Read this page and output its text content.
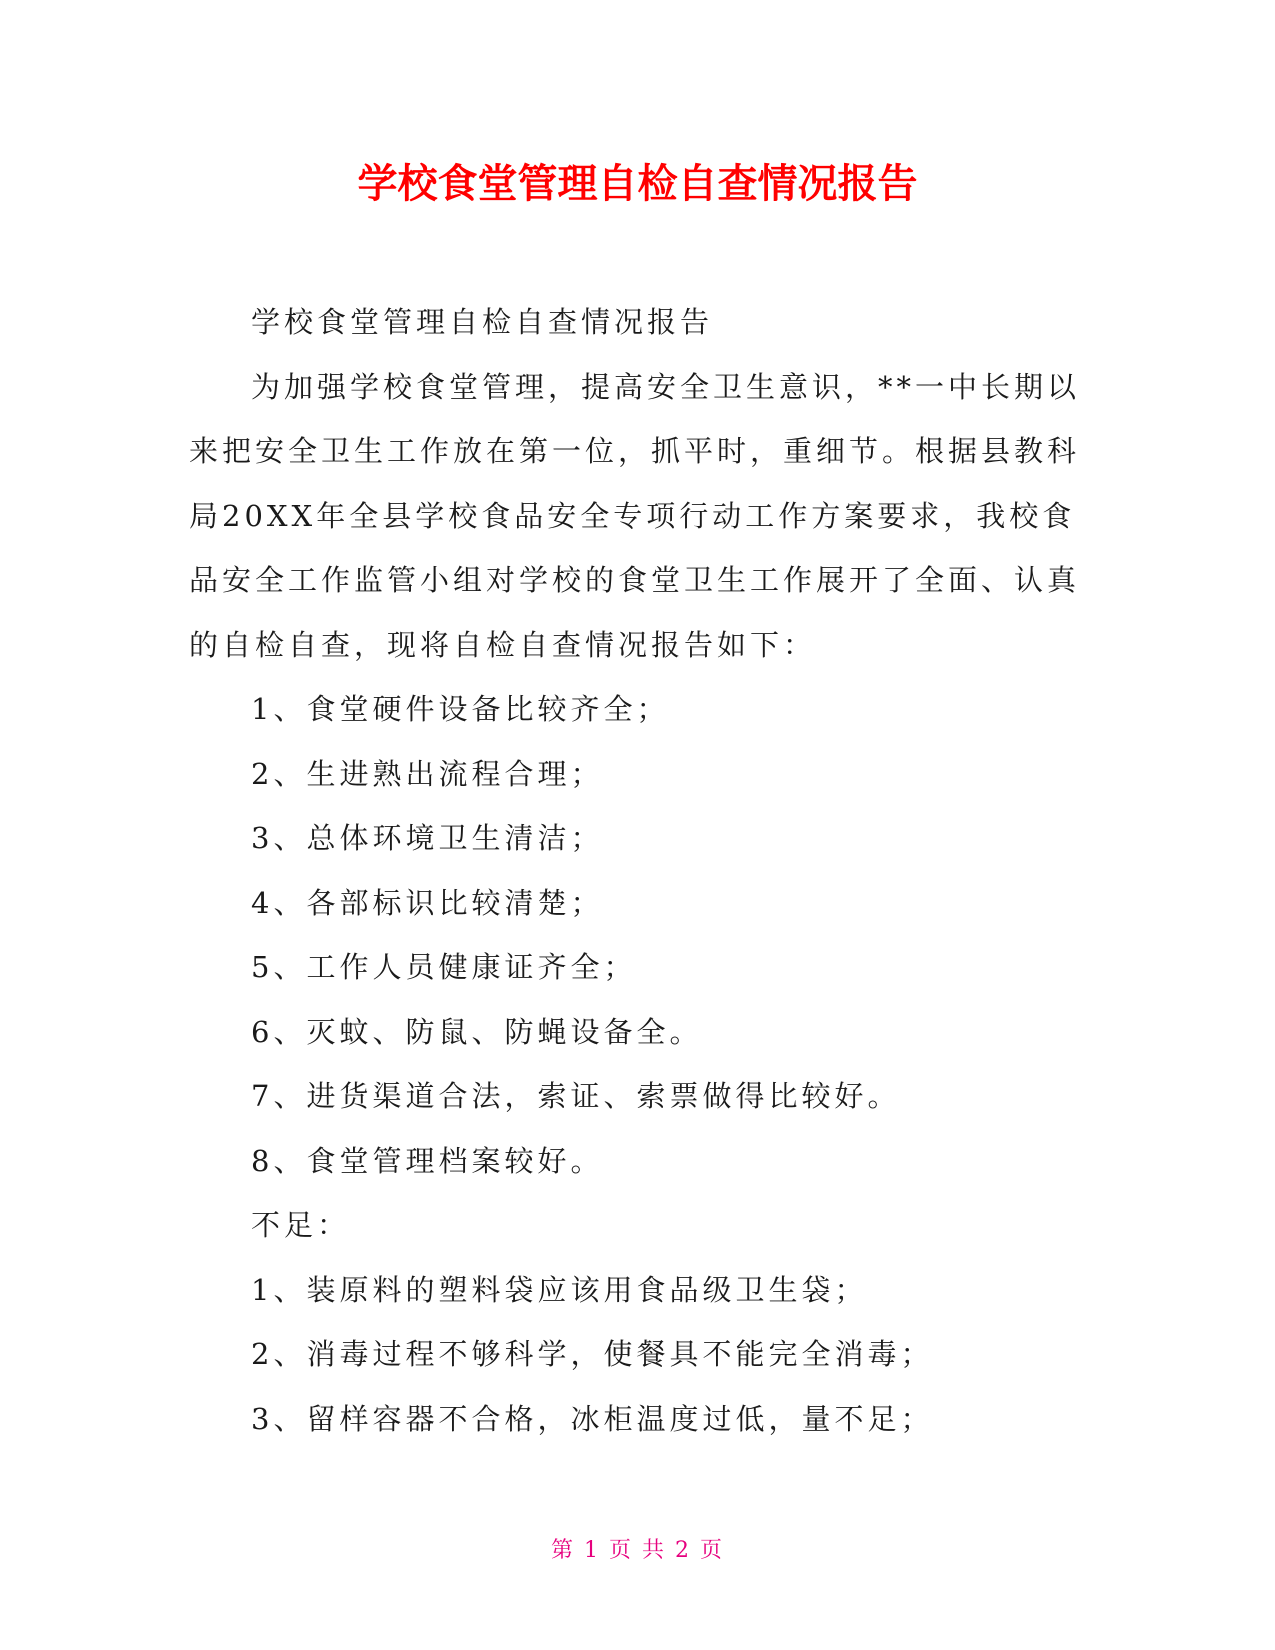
学校食堂管理自检自查情况报告

学校食堂管理自检自查情况报告

为加强学校食堂管理，提高安全卫生意识，**一中长期以来把安全卫生工作放在第一位，抓平时，重细节。根据县教科局20XX年全县学校食品安全专项行动工作方案要求，我校食品安全工作监管小组对学校的食堂卫生工作展开了全面、认真的自检自查，现将自检自查情况报告如下：

1、食堂硬件设备比较齐全；

2、生进熟出流程合理；

3、总体环境卫生清洁；

4、各部标识比较清楚；

5、工作人员健康证齐全；

6、灭蚊、防鼠、防蝇设备全。

7、进货渠道合法，索证、索票做得比较好。

8、食堂管理档案较好。

不足：

1、装原料的塑料袋应该用食品级卫生袋；

2、消毒过程不够科学，使餐具不能完全消毒；

3、留样容器不合格，冰柜温度过低，量不足；

第 1 页 共 2 页
